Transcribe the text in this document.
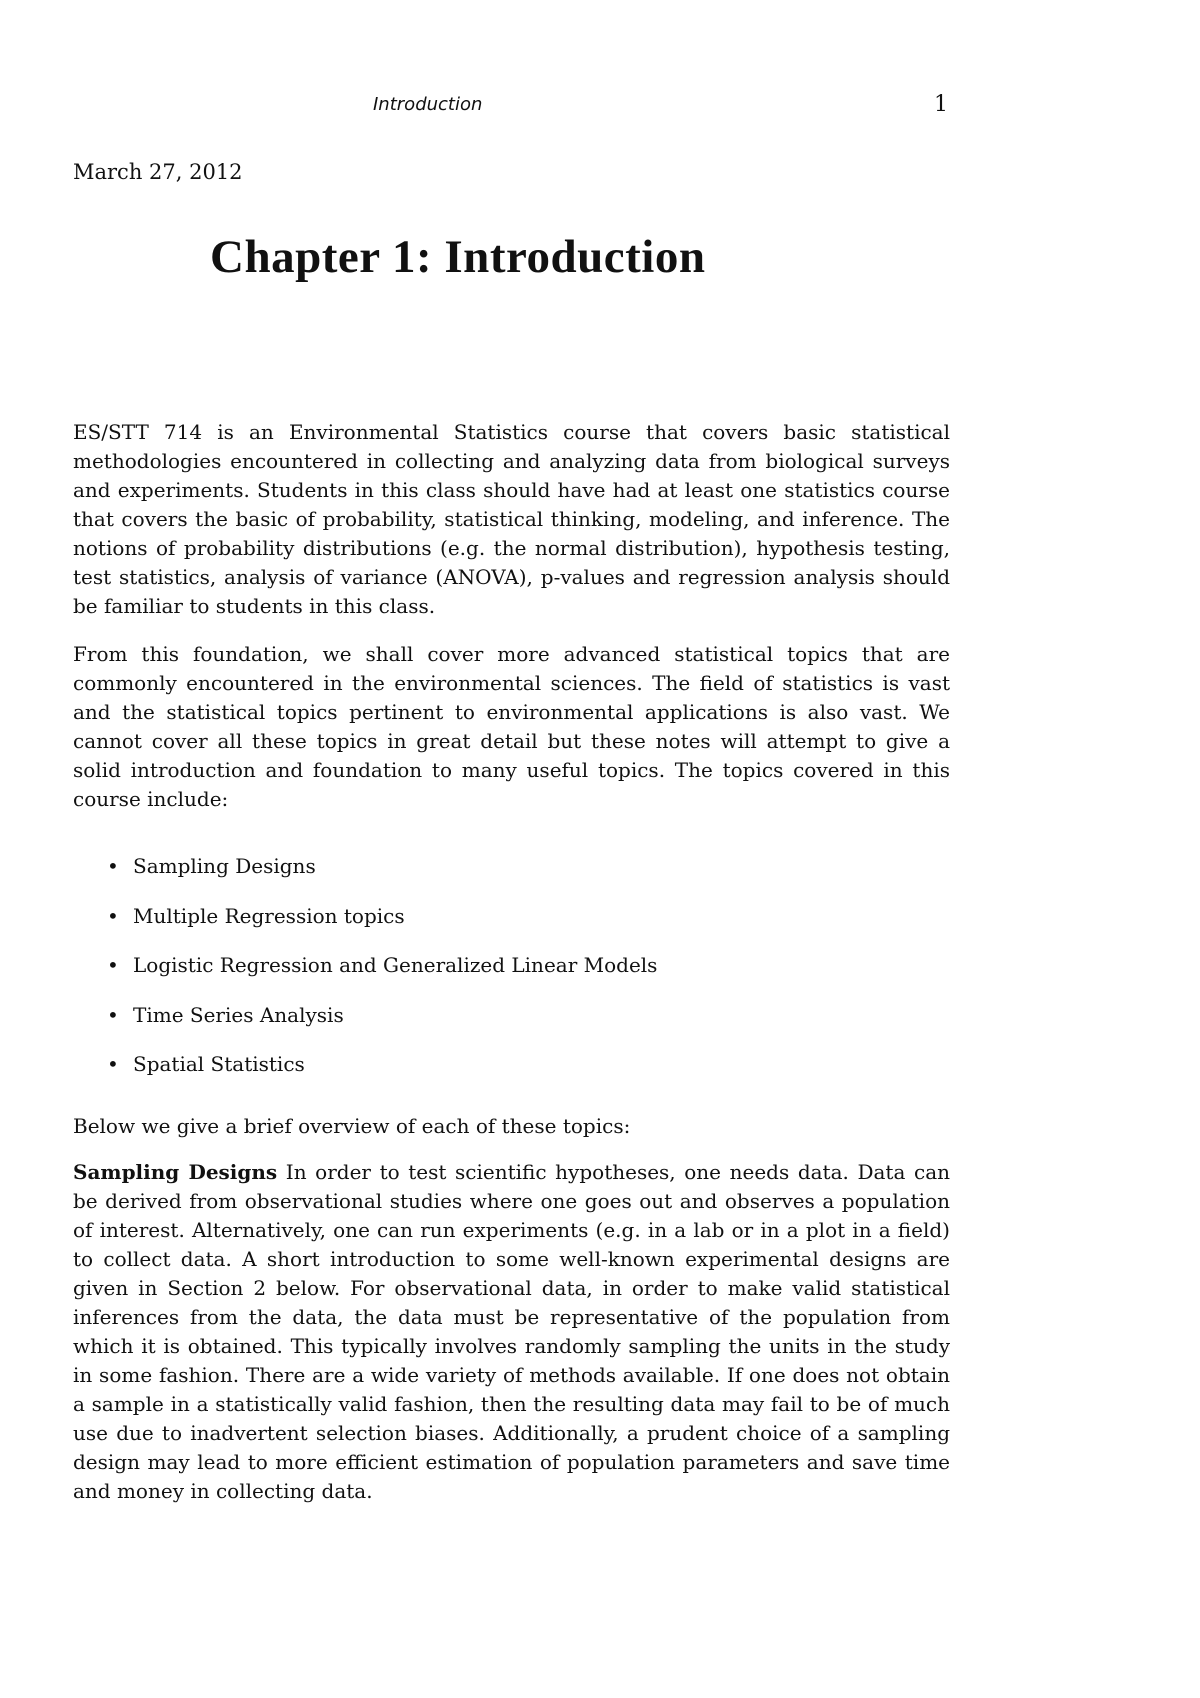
Introduction	1
March 27, 2012
Chapter 1: Introduction

ES/STT 714 is an Environmental Statistics course that covers basic statistical methodologies encountered in collecting and analyzing data from biological surveys and experiments. Students in this class should have had at least one statistics course that covers the basic of probability, statistical thinking, modeling, and inference. The notions of probability distributions (e.g. the normal distribution), hypothesis testing, test statistics, analysis of variance (ANOVA), p-values and regression analysis should be familiar to students in this class.

From this foundation, we shall cover more advanced statistical topics that are commonly encountered in the environmental sciences. The field of statistics is vast and the statistical topics pertinent to environmental applications is also vast. We cannot cover all these topics in great detail but these notes will attempt to give a solid introduction and foundation to many useful topics. The topics covered in this course include:

• Sampling Designs
• Multiple Regression topics
• Logistic Regression and Generalized Linear Models
• Time Series Analysis
• Spatial Statistics

Below we give a brief overview of each of these topics:

Sampling Designs In order to test scientific hypotheses, one needs data. Data can be derived from observational studies where one goes out and observes a population of interest. Alternatively, one can run experiments (e.g. in a lab or in a plot in a field) to collect data. A short introduction to some well-known experimental designs are given in Section 2 below. For observational data, in order to make valid statistical inferences from the data, the data must be representative of the population from which it is obtained. This typically involves randomly sampling the units in the study in some fashion. There are a wide variety of methods available. If one does not obtain a sample in a statistically valid fashion, then the resulting data may fail to be of much use due to inadvertent selection biases. Additionally, a prudent choice of a sampling design may lead to more efficient estimation of population parameters and save time and money in collecting data.
